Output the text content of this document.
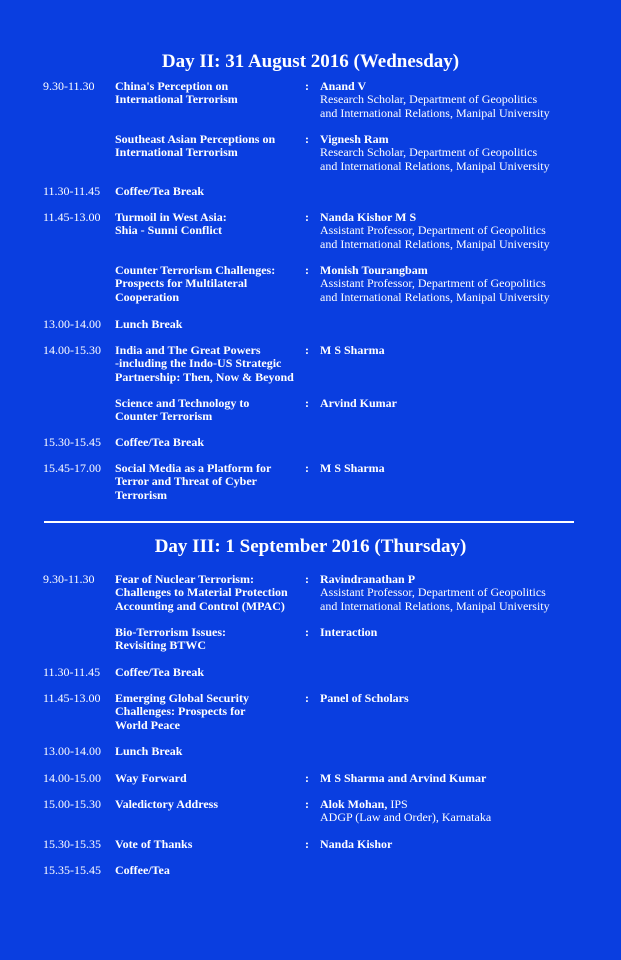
Day II: 31 August 2016 (Wednesday)
9.30-11.30	China's Perception on
International Terrorism
: Anand V
Research Scholar, Department of Geopolitics
and International Relations, Manipal University
Southeast Asian Perceptions on
International Terrorism
: Vignesh Ram
Research Scholar, Department of Geopolitics
and International Relations, Manipal University
11.30-11.45	Coffee/Tea Break
11.45-13.00	Turmoil in West Asia:
Shia - Sunni Conflict
: Nanda Kishor M S
Assistant Professor, Department of Geopolitics
and International Relations, Manipal University
Counter Terrorism Challenges:
Prospects for Multilateral
Cooperation
: Monish Tourangbam
Assistant Professor, Department of Geopolitics
and International Relations, Manipal University
13.00-14.00	Lunch Break
14.00-15.30	India and The Great Powers
-including the Indo-US Strategic
Partnership: Then, Now & Beyond
: M S Sharma
Science and Technology to
Counter Terrorism
: Arvind Kumar
15.30-15.45	Coffee/Tea Break
15.45-17.00	Social Media as a Platform for
Terror and Threat of Cyber
Terrorism
: M S Sharma
Day III: 1 September 2016 (Thursday)
9.30-11.30	Fear of Nuclear Terrorism:
Challenges to Material Protection
Accounting and Control (MPAC)
: Ravindranathan P
Assistant Professor, Department of Geopolitics
and International Relations, Manipal University
Bio-Terrorism Issues:
Revisiting BTWC
: Interaction
11.30-11.45	Coffee/Tea Break
11.45-13.00	Emerging Global Security
Challenges: Prospects for
World Peace
: Panel of Scholars
13.00-14.00	Lunch Break
14.00-15.00	Way Forward	: M S Sharma and Arvind Kumar
15.00-15.30	Valedictory Address	: Alok Mohan, IPS
ADGP (Law and Order), Karnataka
15.30-15.35	Vote of Thanks	: Nanda Kishor
15.35-15.45	Coffee/Tea
